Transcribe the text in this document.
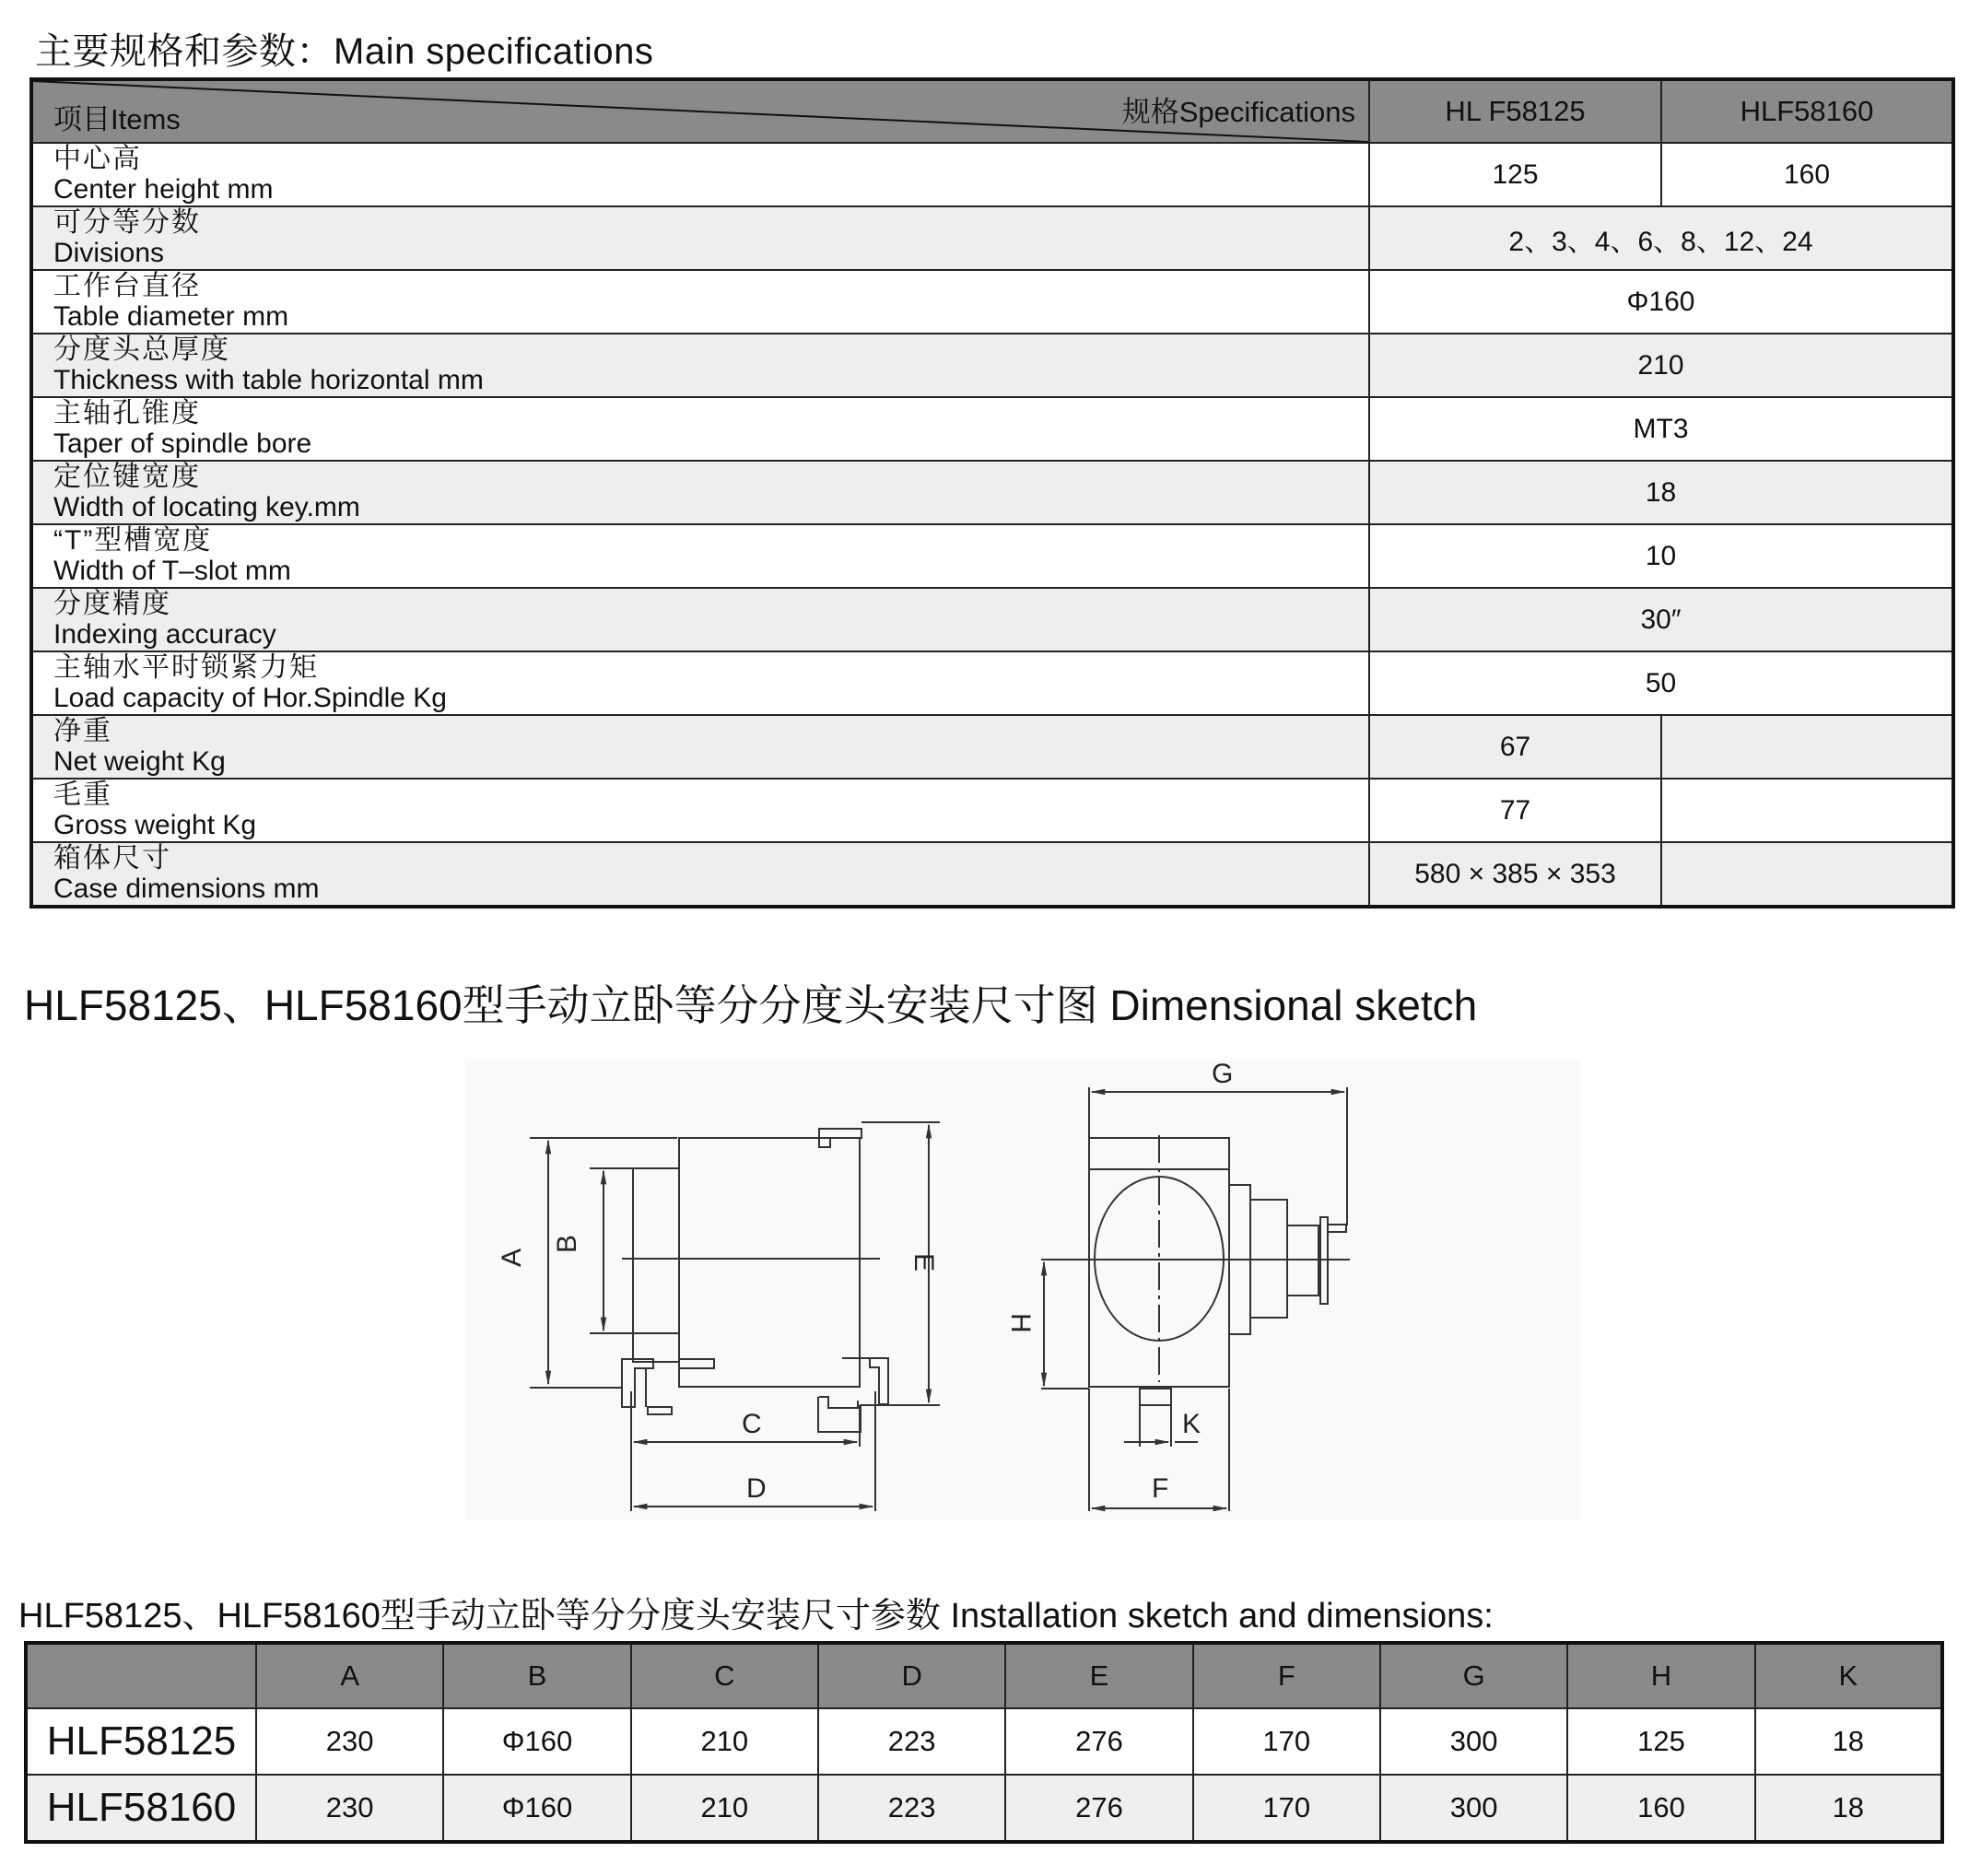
主要规格和参数：Main specifications
项目Items 规格Specifications	HL F58125	HLF58160

中心高
Center height mm	125	160

可分等分数
Divisions	2、3、4、6、8、12、24	

工作台直径
Table diameter mm	Φ160	

分度头总厚度
Thickness with table horizontal mm	210	

主轴孔锥度
Taper of spindle bore	MT3	

定位键宽度
Width of locating key.mm	18	

“T”型槽宽度
Width of T–slot mm	10	

分度精度
Indexing accuracy	30″	

主轴水平时锁紧力矩
Load capacity of Hor.Spindle Kg	50	

净重
Net weight Kg	67	

毛重
Gross weight Kg	77	

箱体尺寸
Case dimensions mm	580 × 385 × 353	
HLF58125、HLF58160型手动立卧等分分度头安装尺寸图 Dimensional sketch
A
B
C
D
E
F
G
H
K
HLF58125、HLF58160型手动立卧等分分度头安装尺寸参数 Installation sketch and dimensions:
	A	B	C	D	E	F	G	H	K
HLF58125	230	Φ160	210	223	276	170	300	125	18
HLF58160	230	Φ160	210	223	276	170	300	160	18
